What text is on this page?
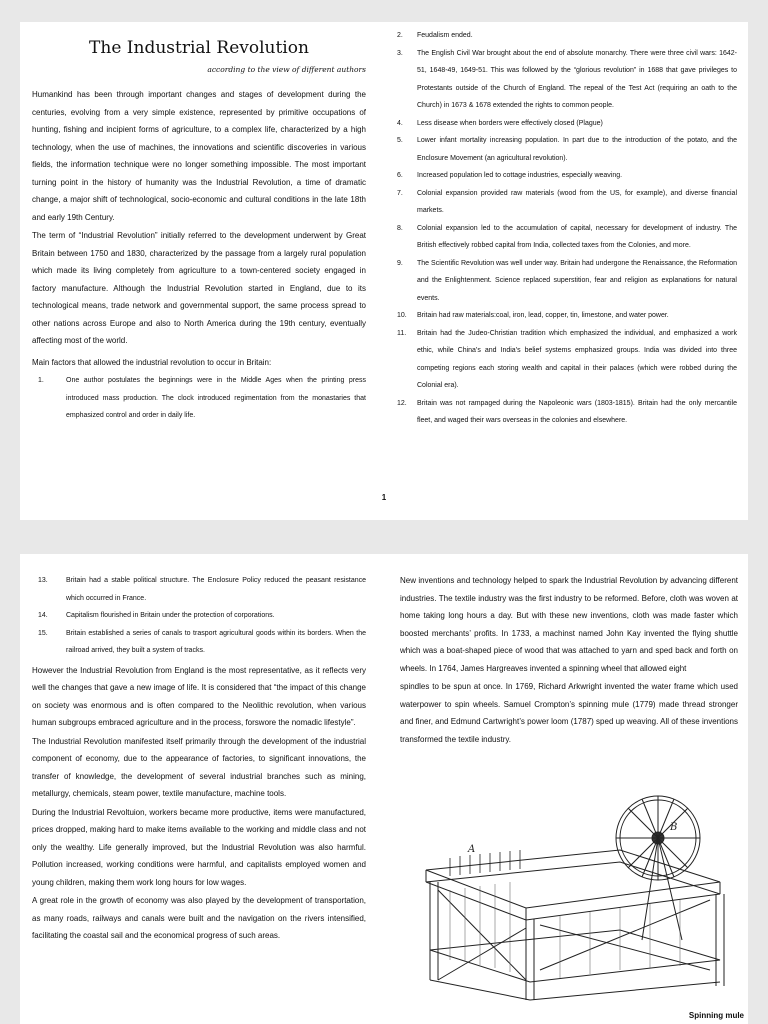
The Industrial Revolution
according to the view of different authors

Humankind has been through important changes and stages of development during the centuries, evolving from a very simple existence, represented by primitive occupations of hunting, fishing and incipient forms of agriculture, to a complex life, characterized by a high technology, when the use of machines, the innovations and scientific discoveries in various fields, the information technique were no longer something impossible. The most important turning point in the history of humanity was the Industrial Revolution, a time of dramatic change, a major shift of technological, socio-economic and cultural conditions in the late 18th and early 19th Century.

The term of “Industrial Revolution” initially referred to the development underwent by Great Britain between 1750 and 1830, characterized by the passage from a largely rural population which made its living completely from agriculture to a town-centered society engaged in factory manufacture. Although the Industrial Revolution started in England, due to its technological means, trade network and governmental support, the same process spread to other nations across Europe and also to North America during the 19th century, eventually affecting most of the world.

Main factors that allowed the industrial revolution to occur in Britain:

1.	One author postulates the beginnings were in the Middle Ages when the printing press introduced mass production. The clock introduced regimentation from the monastaries that emphasized control and order in daily life.
2. Feudalism ended.
3. The English Civil War brought about the end of absolute monarchy. There were three civil wars: 1642-51, 1648-49, 1649-51. This was followed by the “glorious revolution” in 1688 that gave privileges to Protestants outside of the Church of England. The repeal of the Test Act (requiring an oath to the Church) in 1673 & 1678 extended the rights to common people.
4. Less disease when borders were effectively closed (Plague)
5. Lower infant mortality increasing population. In part due to the introduction of the potato, and the Enclosure Movement (an agricultural revolution).
6. Increased population led to cottage industries, especially weaving.
7. Colonial expansion provided raw materials (wood from the US, for example), and diverse financial markets.
8. Colonial expansion led to the accumulation of capital, necessary for development of industry. The British effectively robbed capital from India, collected taxes from the Colonies, and more.
9. The Scientific Revolution was well under way. Britain had undergone the Renaissance, the Reformation and the Enlightenment. Science replaced superstition, fear and religion as explanations for natural events.
10. Britain had raw materials:coal, iron, lead, copper, tin, limestone, and water power.
11. Britain had the Judeo-Christian tradition which emphasized the individual, and emphasized a work ethic, while China’s and India’s belief systems emphasized groups. India was divided into three competing regions each storing wealth and capital in their palaces (which were robbed during the Colonial era).
12. Britain was not rampaged during the Napoleonic wars (1803-1815). Britain had the only mercantile fleet, and waged their wars overseas in the colonies and elsewhere.
1
13.	Britain had a stable political structure. The Enclosure Policy reduced the peasant resistance which occurred in France.
14.	Capitalism flourished in Britain under the protection of corporations.
15.	Britain established a series of canals to trasport agricultural goods within its borders. When the railroad arrived, they built a system of tracks.

However the Industrial Revolution from England is the most representative, as it reflects very well the changes that gave a new image of life. It is considered that “the impact of this change on society was enormous and is often compared to the Neolithic revolution, when various human subgroups embraced agriculture and in the process, forswore the nomadic lifestyle”.

The Industrial Revolution manifested itself primarily through the development of the industrial component of economy, due to the appearance of factories, to significant innovations, the transfer of knowledge, the development of several industrial branches such as mining, metallurgy, chemicals, steam power, textile manufacture, machine tools.

During the Industrial Revoltuion, workers became more productive, items were manufactured, prices dropped, making hard to make items available to the working and middle class and not only the wealthy. Life generally improved, but the Industrial Revolution was also harmful. Pollution increased, working conditions were harmful, and capitalists employed women and young children, making them work long hours for low wages.

A great role in the growth of economy was also played by the development of transportation, as many roads, railways and canals were built and the navigation on the rivers intensified, facilitating the coastal sail and the economical progress of such areas.

New inventions and technology helped to spark the Industrial Revolution by advancing different industries. The textile industry was the first industry to be reformed. Before, cloth was woven at home taking long hours a day. But with these new inventions, cloth was made faster which boosted merchants’ profits. In 1733, a machinst named John Kay invented the flying shuttle which was a boat-shaped piece of wood that was attached to yarn and sped back and forth on wheels. In 1764, James Hargreaves invented a spinning wheel that allowed eight

spindles to be spun at once. In 1769, Richard Arkwright invented the water frame which used waterpower to spin wheels. Samuel Crompton’s spinning mule (1779) made thread stronger and finer, and Edmund Cartwright’s power loom (1787) sped up weaving. All of these inventions transformed the textile industry.

A
B
Spinning mule
